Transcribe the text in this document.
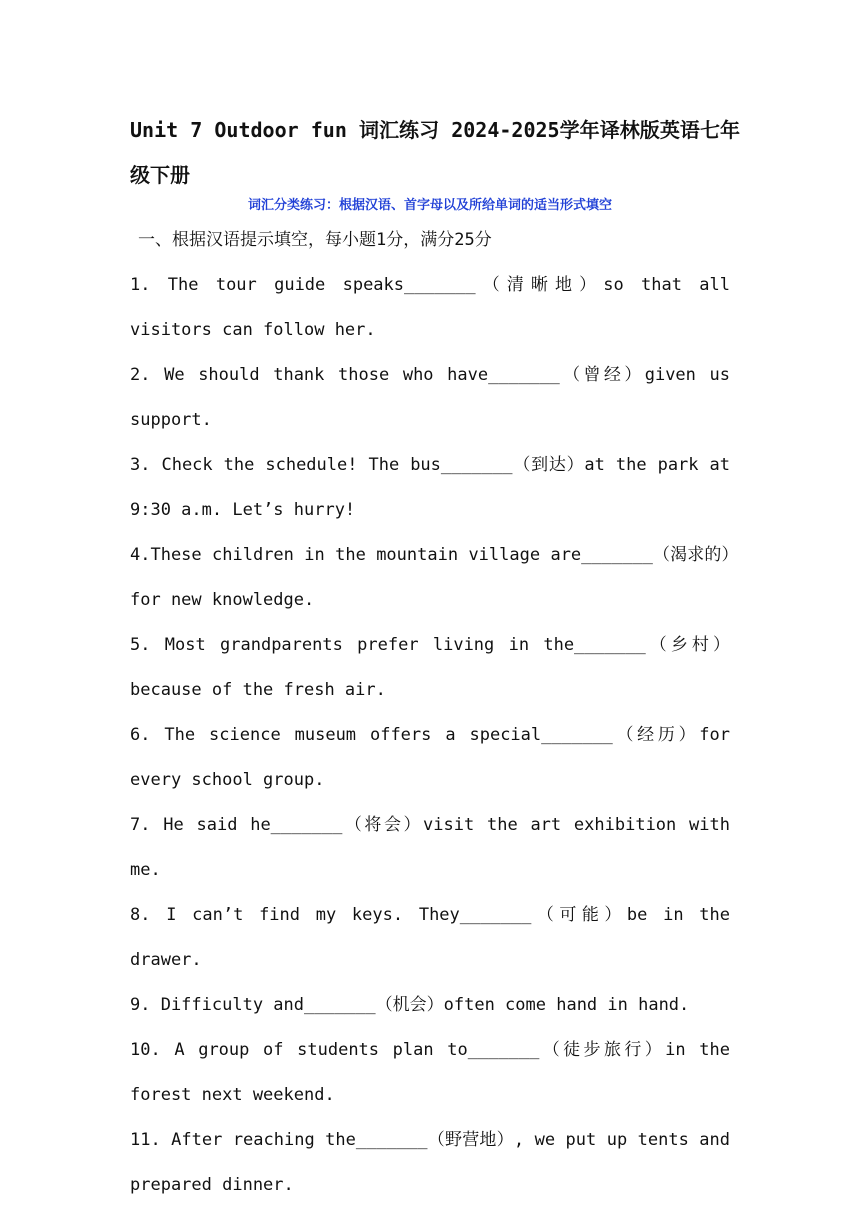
Unit 7 Outdoor fun 词汇练习 2024-2025学年译林版英语七年级下册
词汇分类练习：根据汉语、首字母以及所给单词的适当形式填空
一、根据汉语提示填空，每小题1分，满分25分

1. The tour guide speaks_______（清晰地）so that all visitors can follow her.

2. We should thank those who have_______（曾经）given us support.

3. Check the schedule! The bus_______（到达）at the park at 9:30 a.m. Let’s hurry!

4.These children in the mountain village are_______（渴求的）for new knowledge.

5. Most grandparents prefer living in the_______（乡村）because of the fresh air.

6. The science museum offers a special_______（经历）for every school group.

7. He said he_______（将会）visit the art exhibition with me.

8. I can’t find my keys. They_______（可能）be in the drawer.

9. Difficulty and_______（机会）often come hand in hand.

10. A group of students plan to_______（徒步旅行）in the forest next weekend.

11. After reaching the_______（野营地）, we put up tents and prepared dinner.
